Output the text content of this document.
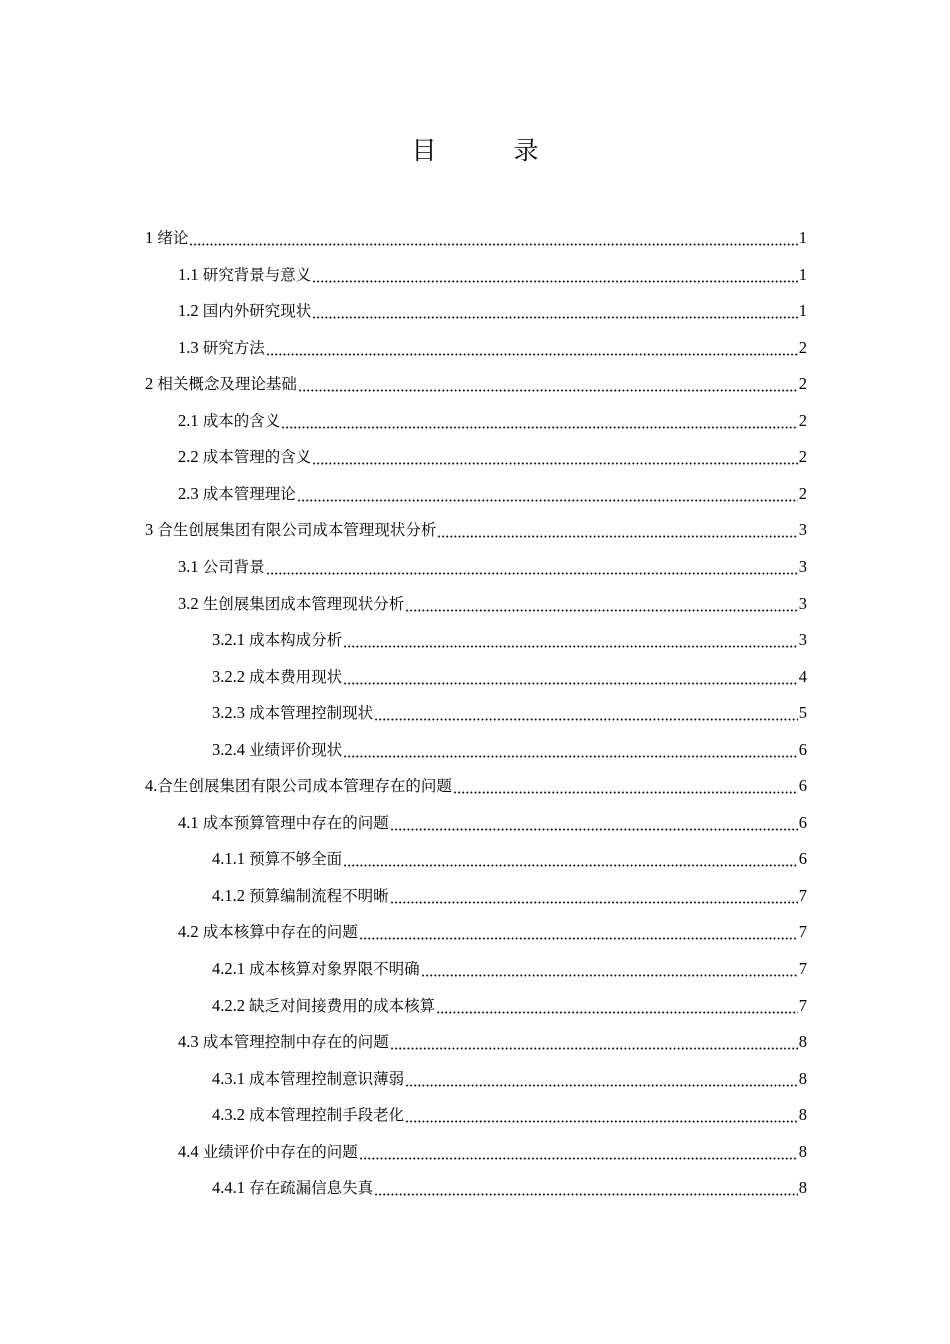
目　录
1 绪论	1
1.1 研究背景与意义	1
1.2 国内外研究现状	1
1.3 研究方法	2
2 相关概念及理论基础	2
2.1 成本的含义	2
2.2 成本管理的含义	2
2.3 成本管理理论	2
3 合生创展集团有限公司成本管理现状分析	3
3.1 公司背景	3
3.2 生创展集团成本管理现状分析	3
3.2.1 成本构成分析	3
3.2.2 成本费用现状	4
3.2.3 成本管理控制现状	5
3.2.4 业绩评价现状	6
4.合生创展集团有限公司成本管理存在的问题	6
4.1 成本预算管理中存在的问题	6
4.1.1 预算不够全面	6
4.1.2 预算编制流程不明晰	7
4.2 成本核算中存在的问题	7
4.2.1 成本核算对象界限不明确	7
4.2.2 缺乏对间接费用的成本核算	7
4.3 成本管理控制中存在的问题	8
4.3.1 成本管理控制意识薄弱	8
4.3.2 成本管理控制手段老化	8
4.4 业绩评价中存在的问题	8
4.4.1 存在疏漏信息失真	8
